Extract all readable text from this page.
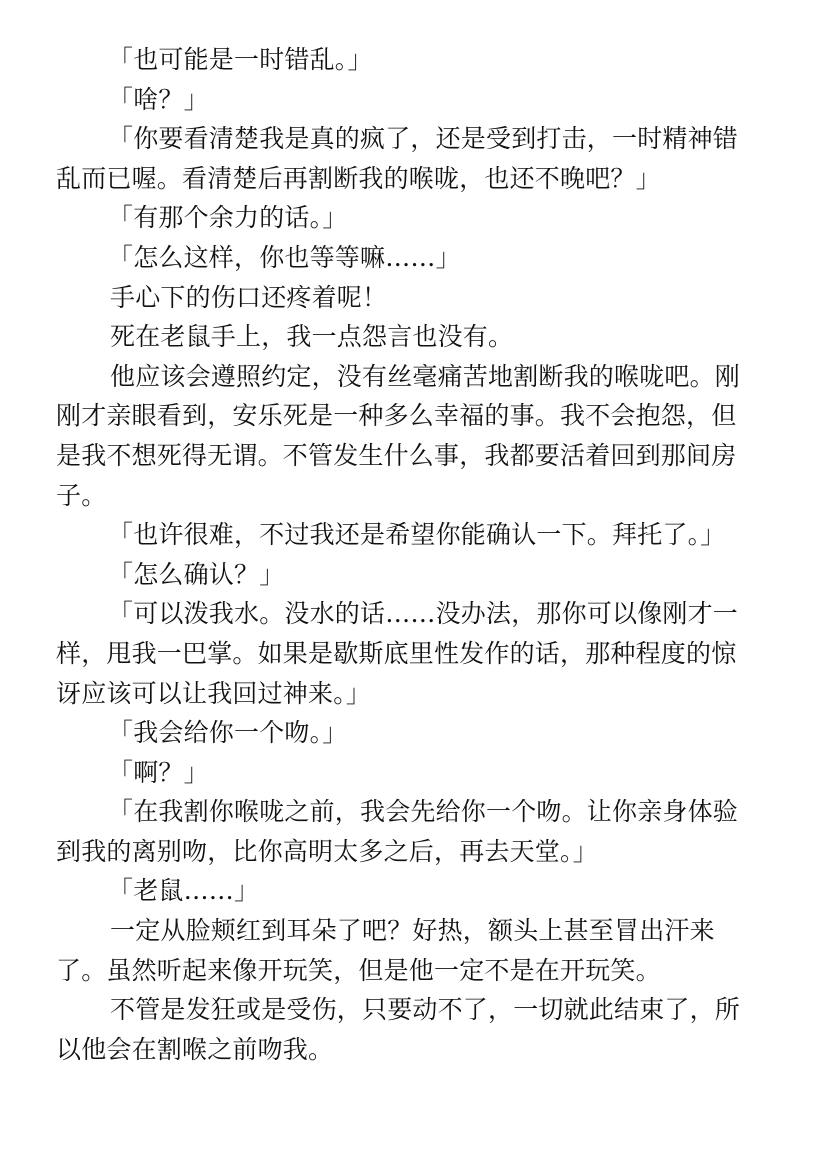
「也可能是一时错乱。」

「啥？」

「你要看清楚我是真的疯了，还是受到打击，一时精神错乱而已喔。看清楚后再割断我的喉咙，也还不晚吧？」

「有那个余力的话。」

「怎么这样，你也等等嘛……」

手心下的伤口还疼着呢！

死在老鼠手上，我一点怨言也没有。

他应该会遵照约定，没有丝毫痛苦地割断我的喉咙吧。刚刚才亲眼看到，安乐死是一种多么幸福的事。我不会抱怨，但是我不想死得无谓。不管发生什么事，我都要活着回到那间房子。

「也许很难，不过我还是希望你能确认一下。拜托了。」

「怎么确认？」

「可以泼我水。没水的话……没办法，那你可以像刚才一样，甩我一巴掌。如果是歇斯底里性发作的话，那种程度的惊讶应该可以让我回过神来。」

「我会给你一个吻。」

「啊？」

「在我割你喉咙之前，我会先给你一个吻。让你亲身体验到我的离别吻，比你高明太多之后，再去天堂。」

「老鼠……」

一定从脸颊红到耳朵了吧？好热，额头上甚至冒出汗来了。虽然听起来像开玩笑，但是他一定不是在开玩笑。

不管是发狂或是受伤，只要动不了，一切就此结束了，所以他会在割喉之前吻我。
